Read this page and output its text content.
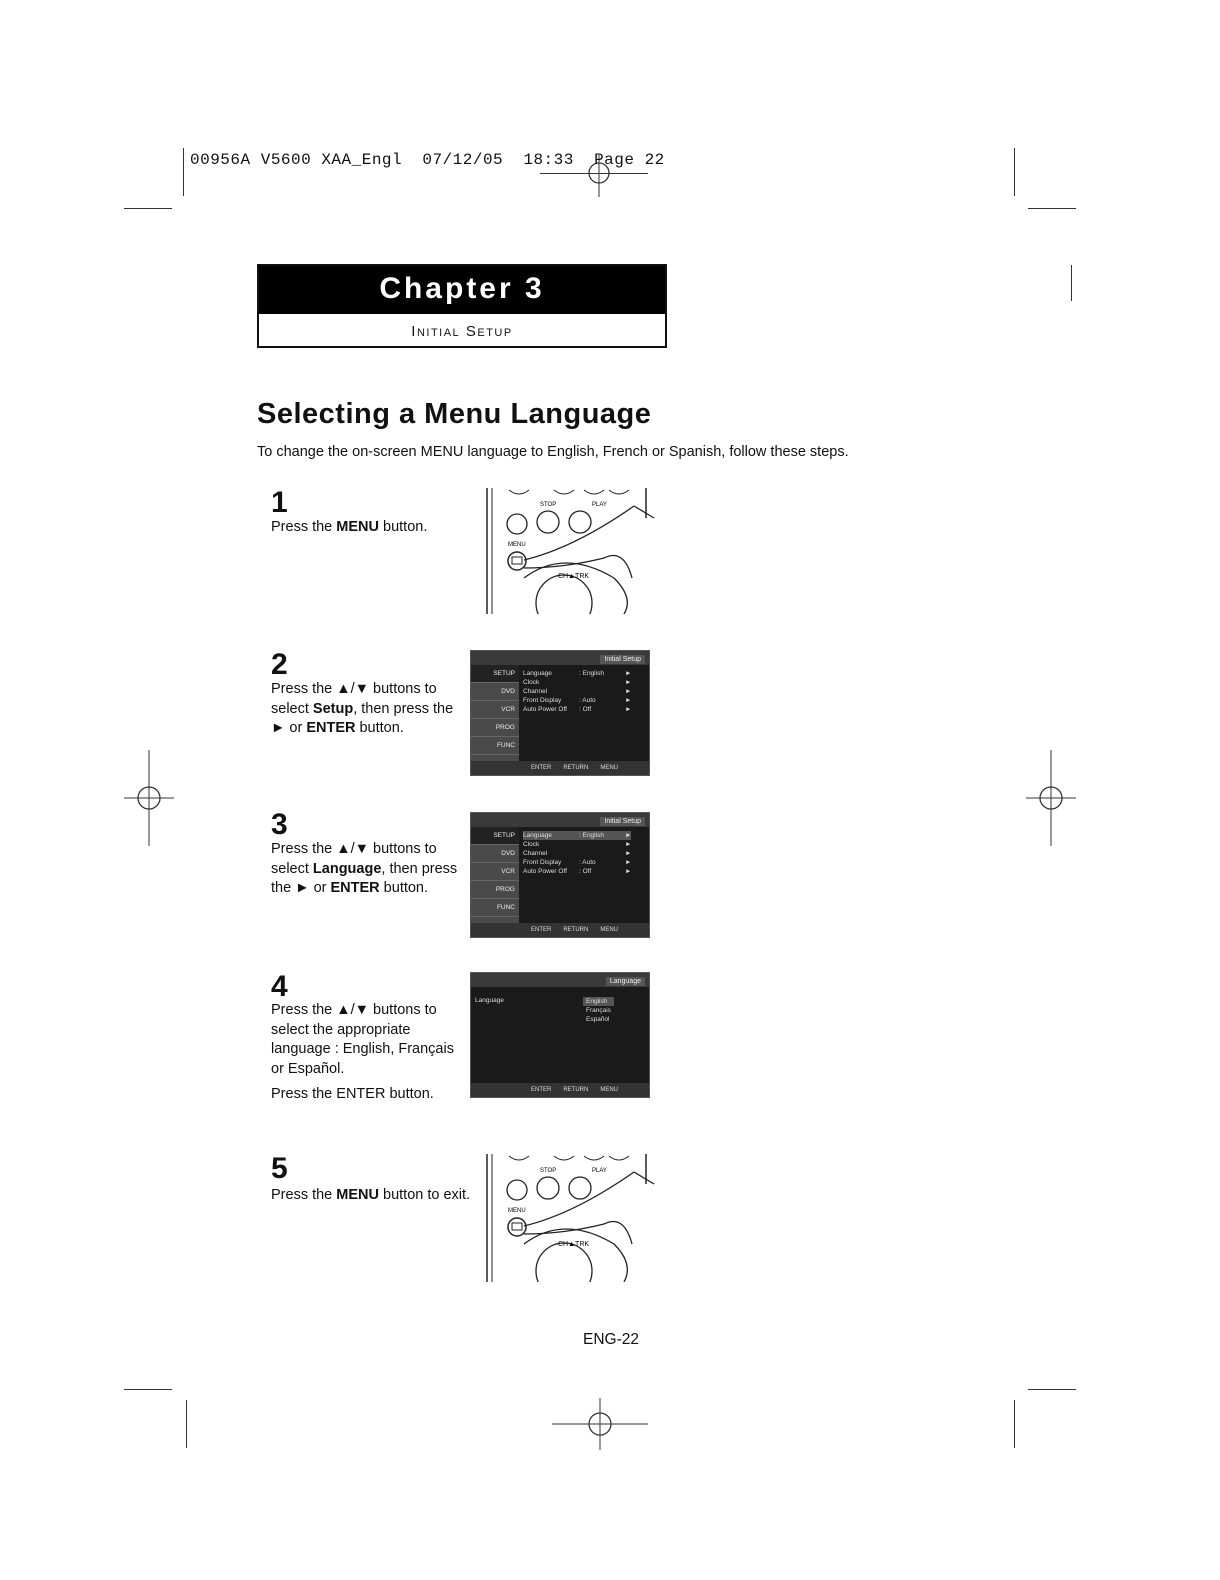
00956A V5600 XAA_Engl  07/12/05  18:33  Page 22
Chapter 3
Initial Setup
Selecting a Menu Language
To change the on-screen MENU language to English, French or Spanish, follow these steps.
1
2
3
4
5
Press the MENU button.
Press the ▲/▼ buttons to select Setup, then press the ► or ENTER button.
Press the ▲/▼ buttons to select Language, then press the ► or ENTER button.
Press the ▲/▼ buttons to select the appropriate language : English, Français or Español.
Press the ENTER button.
Press the MENU button to exit.
STOP	PLAY
MENU
CH▲TRK
Initial Setup
SETUP
DVD
VCR
PROG
FUNC
Language	: English	►
Clock	►
Channel	►
Front Display	: Auto	►
Auto Power Off : Off	►
ENTER RETURN MENU
Initial Setup
SETUP
DVD
VCR
PROG
FUNC
Language	: English	►
Clock	►
Channel	►
Front Display	: Auto	►
Auto Power Off : Off	►
ENTER RETURN MENU
Language
Language	English
Français
Español
ENTER RETURN MENU
STOP	PLAY
MENU
CH▲TRK
ENG-22
